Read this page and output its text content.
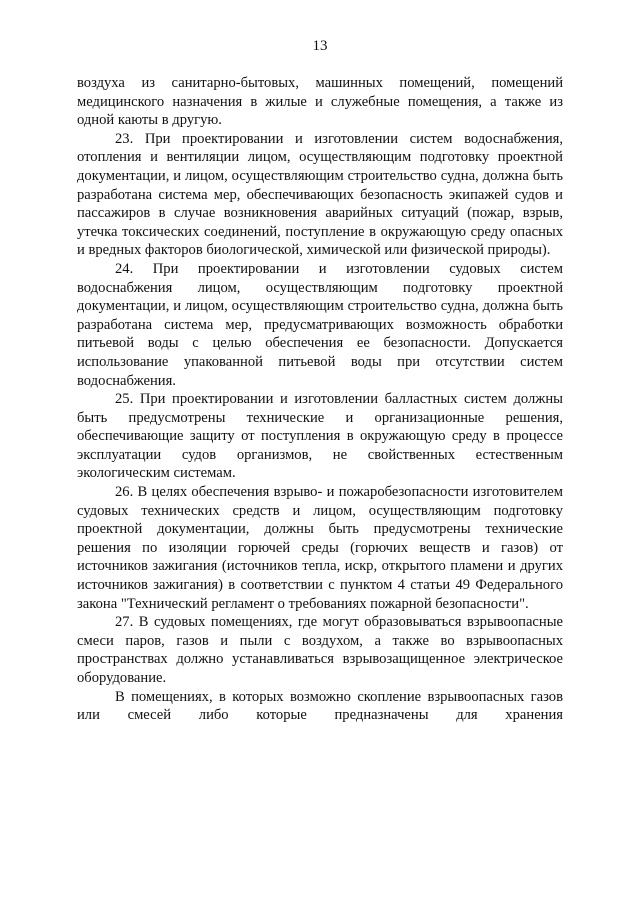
13

воздуха из санитарно-бытовых, машинных помещений, помещений медицинского назначения в жилые и служебные помещения, а также из одной каюты в другую.

23. При проектировании и изготовлении систем водоснабжения, отопления и вентиляции лицом, осуществляющим подготовку проектной документации, и лицом, осуществляющим строительство судна, должна быть разработана система мер, обеспечивающих безопасность экипажей судов и пассажиров в случае возникновения аварийных ситуаций (пожар, взрыв, утечка токсических соединений, поступление в окружающую среду опасных и вредных факторов биологической, химической или физической природы).

24. При проектировании и изготовлении судовых систем водоснабжения лицом, осуществляющим подготовку проектной документации, и лицом, осуществляющим строительство судна, должна быть разработана система мер, предусматривающих возможность обработки питьевой воды с целью обеспечения ее безопасности. Допускается использование упакованной питьевой воды при отсутствии систем водоснабжения.

25. При проектировании и изготовлении балластных систем должны быть предусмотрены технические и организационные решения, обеспечивающие защиту от поступления в окружающую среду в процессе эксплуатации судов организмов, не свойственных естественным экологическим системам.

26. В целях обеспечения взрыво- и пожаробезопасности изготовителем судовых технических средств и лицом, осуществляющим подготовку проектной документации, должны быть предусмотрены технические решения по изоляции горючей среды (горючих веществ и газов) от источников зажигания (источников тепла, искр, открытого пламени и других источников зажигания) в соответствии с пунктом 4 статьи 49 Федерального закона "Технический регламент о требованиях пожарной безопасности".

27. В судовых помещениях, где могут образовываться взрывоопасные смеси паров, газов и пыли с воздухом, а также во взрывоопасных пространствах должно устанавливаться взрывозащищенное электрическое оборудование.

В помещениях, в которых возможно скопление взрывоопасных газов или смесей либо которые предназначены для хранения
